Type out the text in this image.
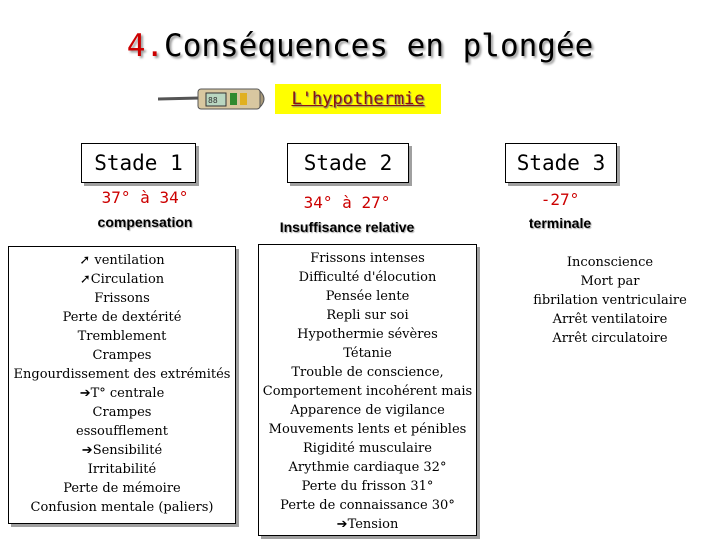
4.Conséquences en plongée
88	L'hypothermie
Stade 1
37° à 34°
compensation
➚ ventilation
➚Circulation
Frissons
Perte de dextérité
Tremblement
Crampes
Engourdissement des extrémités
➔T° centrale
Crampes
essoufflement
➔Sensibilité
Irritabilité
Perte de mémoire
Confusion mentale (paliers)
Stade 2
34° à 27°
Insuffisance relative
Frissons intenses
Difficulté d'élocution
Pensée lente
Repli sur soi
Hypothermie sévères
Tétanie
Trouble de conscience,
Comportement incohérent mais
Apparence de vigilance
Mouvements lents et pénibles
Rigidité musculaire
Arythmie cardiaque 32°
Perte du frisson 31°
Perte de connaissance 30°
➔Tension
Stade 3
-27°
terminale
Inconscience
Mort par
fibrilation ventriculaire
Arrêt ventilatoire
Arrêt circulatoire
